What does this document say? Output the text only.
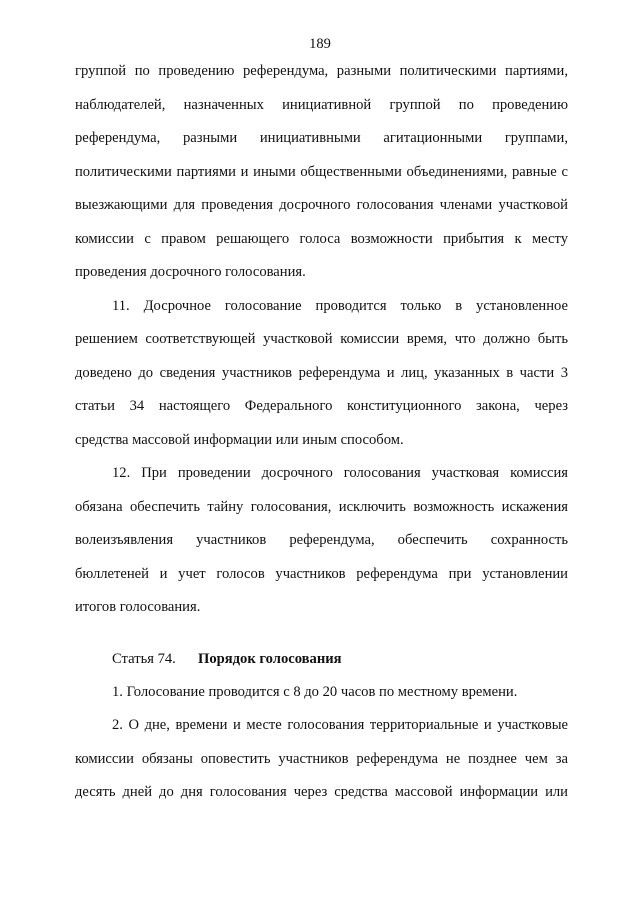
189
группой по проведению референдума, разными политическими партиями,
наблюдателей, назначенных инициативной группой по проведению
референдума, разными инициативными агитационными группами,
политическими партиями и иными общественными объединениями, равные с
выезжающими для проведения досрочного голосования членами участковой
комиссии с правом решающего голоса возможности прибытия к месту
проведения досрочного голосования.
11. Досрочное голосование проводится только в установленное
решением соответствующей участковой комиссии время, что должно быть
доведено до сведения участников референдума и лиц, указанных в части 3
статьи 34 настоящего Федерального конституционного закона, через
средства массовой информации или иным способом.
12. При проведении досрочного голосования участковая комиссия
обязана обеспечить тайну голосования, исключить возможность искажения
волеизъявления участников референдума, обеспечить сохранность
бюллетеней и учет голосов участников референдума при установлении
итогов голосования.
Статья 74. Порядок голосования
1. Голосование проводится с 8 до 20 часов по местному времени.
2. О дне, времени и месте голосования территориальные и участковые
комиссии обязаны оповестить участников референдума не позднее чем за
десять дней до дня голосования через средства массовой информации или
